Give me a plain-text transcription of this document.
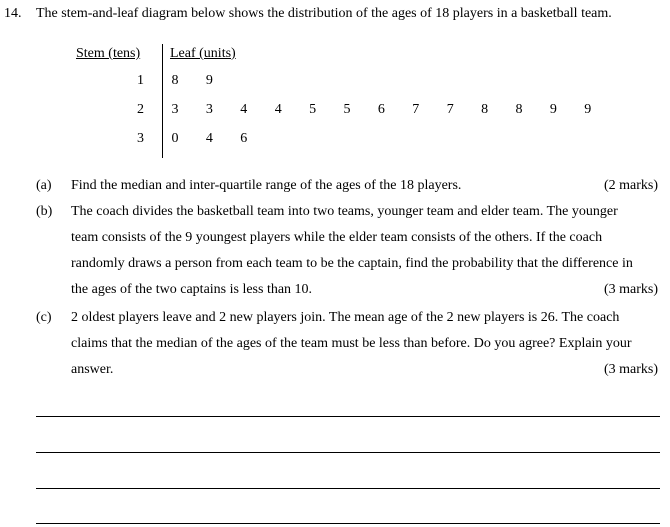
14. The stem-and-leaf diagram below shows the distribution of the ages of 18 players in a basketball team.
Stem (tens) Leaf (units)
1 8 9
2 3 3 4 4 5 5 6 7 7 8 8 9 9
3 0 4 6
(a) Find the median and inter-quartile range of the ages of the 18 players.	(2 marks)
(b) The coach divides the basketball team into two teams, younger team and elder team. The younger
team consists of the 9 youngest players while the elder team consists of the others. If the coach
randomly draws a person from each team to be the captain, find the probability that the difference in
the ages of the two captains is less than 10.	(3 marks)
(c) 2 oldest players leave and 2 new players join. The mean age of the 2 new players is 26. The coach
claims that the median of the ages of the team must be less than before. Do you agree? Explain your
answer.	(3 marks)
